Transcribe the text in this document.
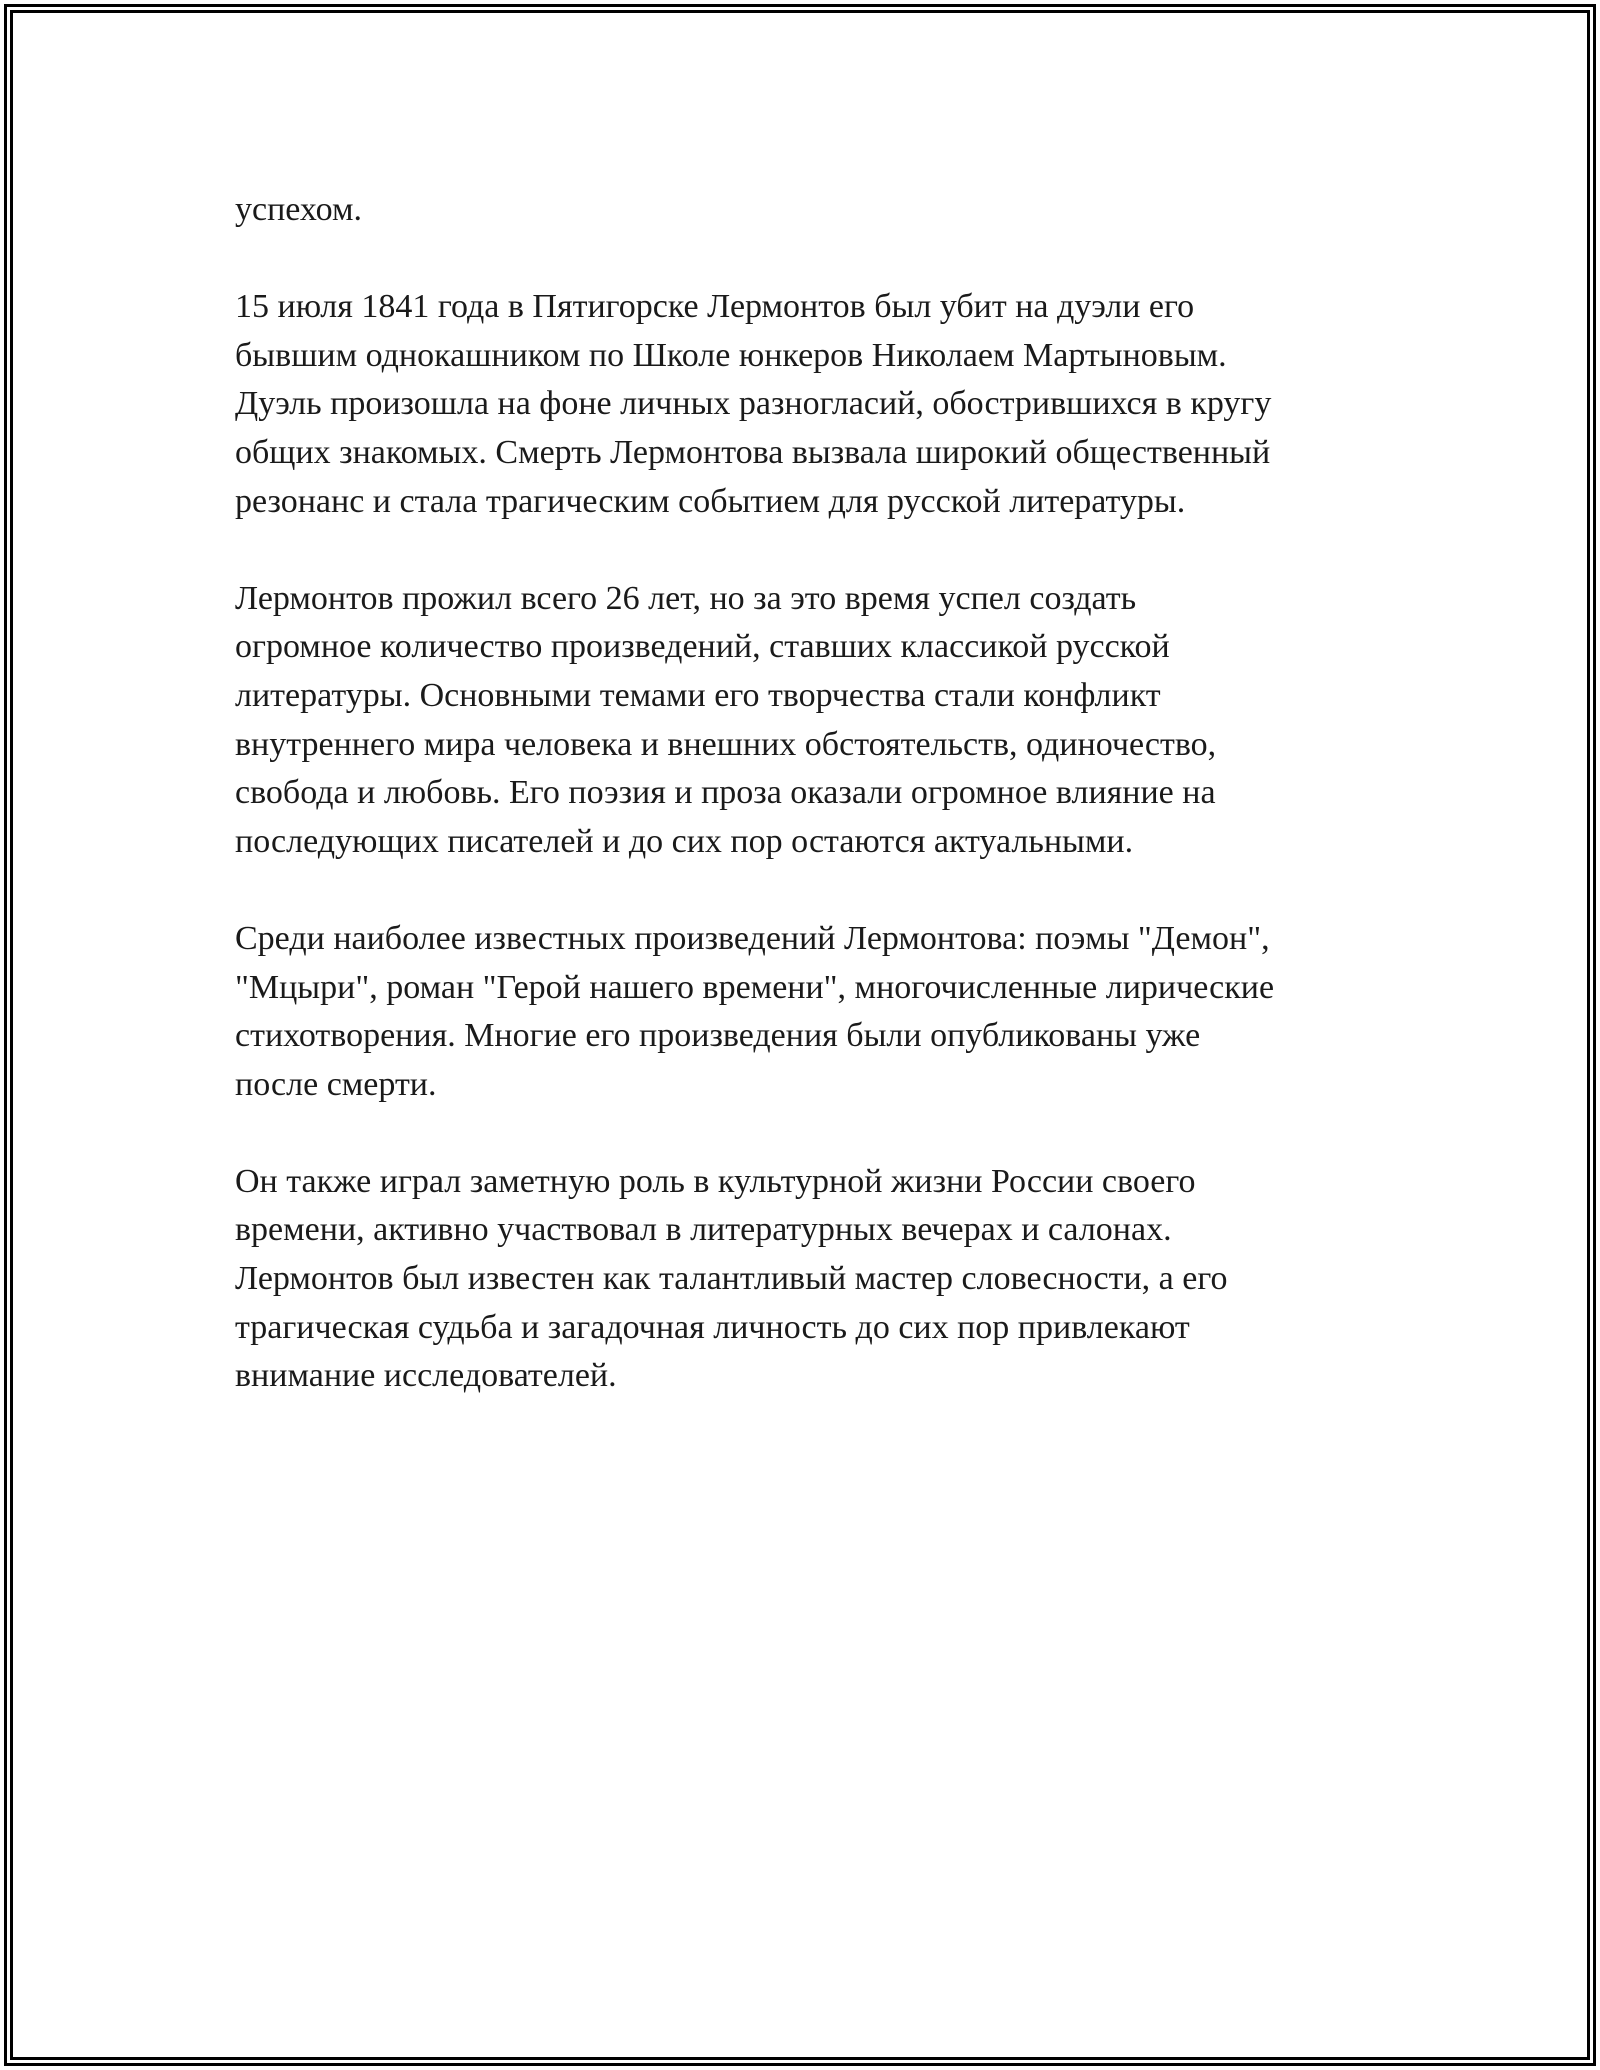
успехом.

15 июля 1841 года в Пятигорске Лермонтов был убит на дуэли его
бывшим однокашником по Школе юнкеров Николаем Мартыновым.
Дуэль произошла на фоне личных разногласий, обострившихся в кругу
общих знакомых. Смерть Лермонтова вызвала широкий общественный
резонанс и стала трагическим событием для русской литературы.

Лермонтов прожил всего 26 лет, но за это время успел создать
огромное количество произведений, ставших классикой русской
литературы. Основными темами его творчества стали конфликт
внутреннего мира человека и внешних обстоятельств, одиночество,
свобода и любовь. Его поэзия и проза оказали огромное влияние на
последующих писателей и до сих пор остаются актуальными.

Среди наиболее известных произведений Лермонтова: поэмы "Демон",
"Мцыри", роман "Герой нашего времени", многочисленные лирические
стихотворения. Многие его произведения были опубликованы уже
после смерти.

Он также играл заметную роль в культурной жизни России своего
времени, активно участвовал в литературных вечерах и салонах.
Лермонтов был известен как талантливый мастер словесности, а его
трагическая судьба и загадочная личность до сих пор привлекают
внимание исследователей.
